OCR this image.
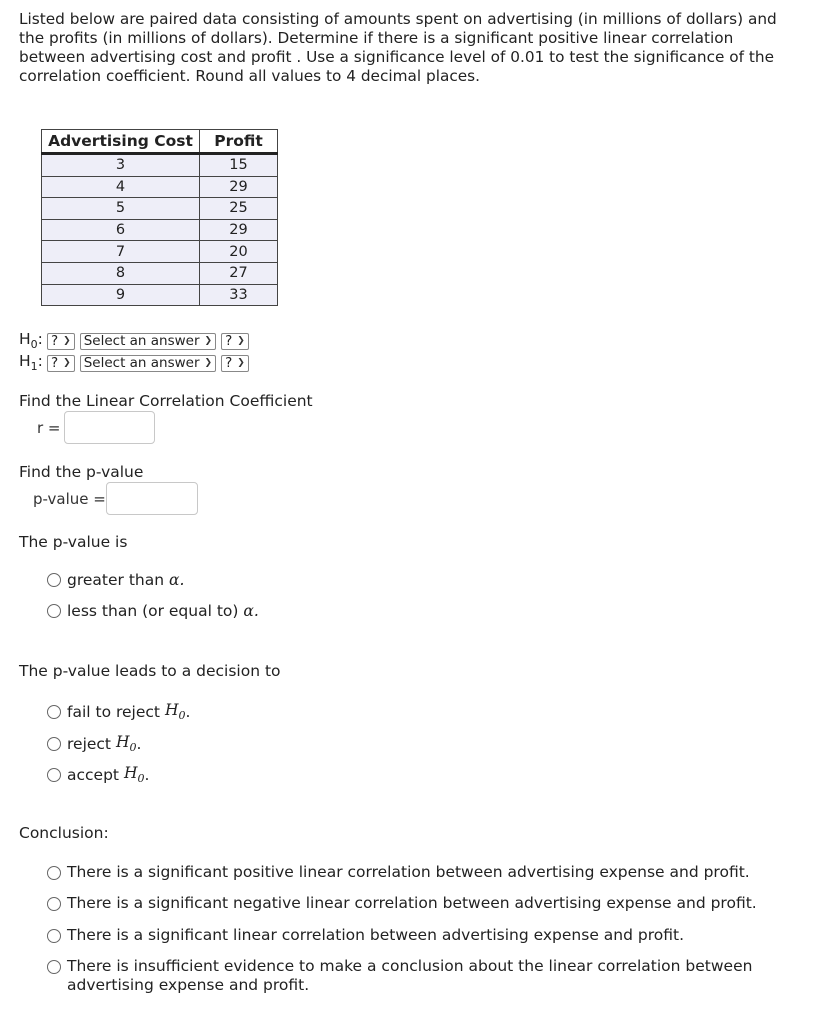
Listed below are paired data consisting of amounts spent on advertising (in millions of dollars) and the profits (in millions of dollars). Determine if there is a significant positive linear correlation between advertising cost and profit . Use a significance level of 0.01 to test the significance of the correlation coefficient. Round all values to 4 decimal places.
Advertising Cost	Profit
3	15
4	29
5	25
6	29
7	20
8	27
9	33
$H_0$: ? ❯ Select an answer ❯ ? ❯
$H_1$: ? ❯ Select an answer ❯ ? ❯
Find the Linear Correlation Coefficient
r =
Find the p-value
p-value =
The p-value is
greater than
α.
less than (or equal to)
α.
The p-value leads to a decision to
fail to reject
$H_0$ .
reject
$H_0$ .
accept
$H_0$ .
Conclusion:
There is a significant positive linear correlation between advertising expense and profit.
There is a significant negative linear correlation between advertising expense and profit.
There is a significant linear correlation between advertising expense and profit.
There is insufficient evidence to make a conclusion about the linear correlation between advertising expense and profit.
